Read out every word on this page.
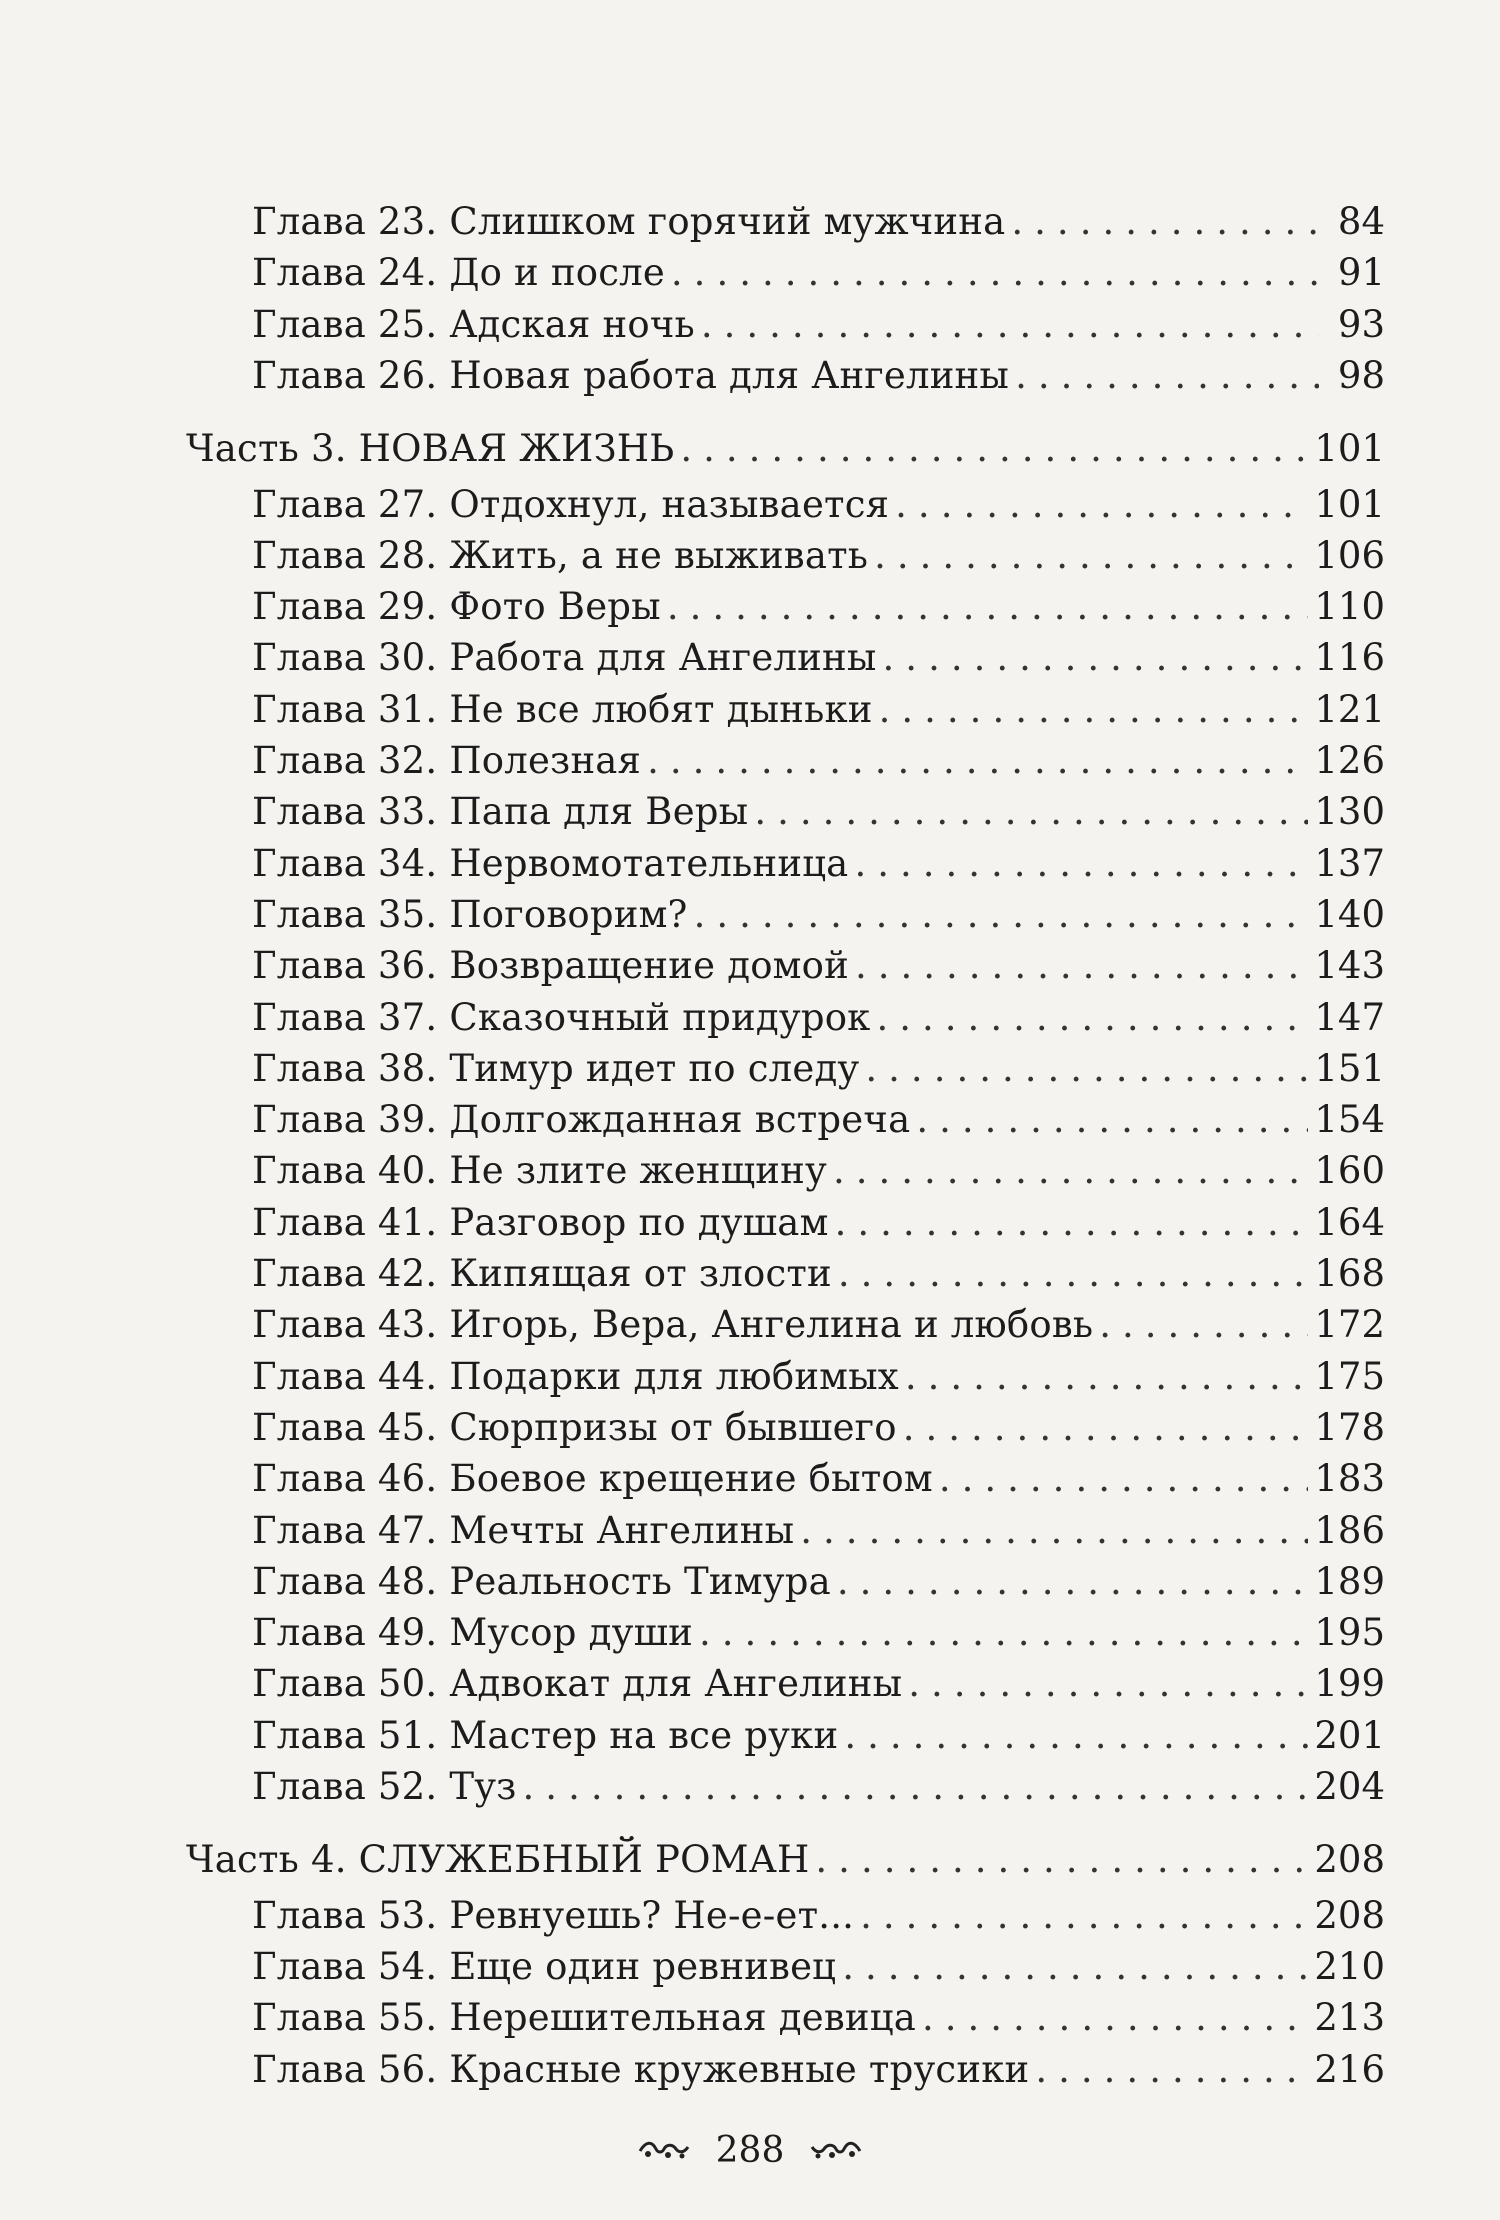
Глава 23. Слишком горячий мужчина .....	84
Глава 24. До и после .....	91
Глава 25. Адская ночь .....	93
Глава 26. Новая работа для Ангелины .....	98
Часть 3. НОВАЯ ЖИЗНЬ .....	101
Глава 27. Отдохнул, называется .....	101
Глава 28. Жить, а не выживать .....	106
Глава 29. Фото Веры .....	110
Глава 30. Работа для Ангелины .....	116
Глава 31. Не все любят дыньки .....	121
Глава 32. Полезная .....	126
Глава 33. Папа для Веры .....	130
Глава 34. Нервомотательница .....	137
Глава 35. Поговорим? .....	140
Глава 36. Возвращение домой .....	143
Глава 37. Сказочный придурок .....	147
Глава 38. Тимур идет по следу .....	151
Глава 39. Долгожданная встреча .....	154
Глава 40. Не злите женщину .....	160
Глава 41. Разговор по душам .....	164
Глава 42. Кипящая от злости .....	168
Глава 43. Игорь, Вера, Ангелина и любовь .....	172
Глава 44. Подарки для любимых .....	175
Глава 45. Сюрпризы от бывшего .....	178
Глава 46. Боевое крещение бытом .....	183
Глава 47. Мечты Ангелины .....	186
Глава 48. Реальность Тимура .....	189
Глава 49. Мусор души .....	195
Глава 50. Адвокат для Ангелины .....	199
Глава 51. Мастер на все руки .....	201
Глава 52. Туз .....	204
Часть 4. СЛУЖЕБНЫЙ РОМАН .....	208
Глава 53. Ревнуешь? Не-е-ет... .....	208
Глава 54. Еще один ревнивец .....	210
Глава 55. Нерешительная девица .....	213
Глава 56. Красные кружевные трусики .....	216
288
